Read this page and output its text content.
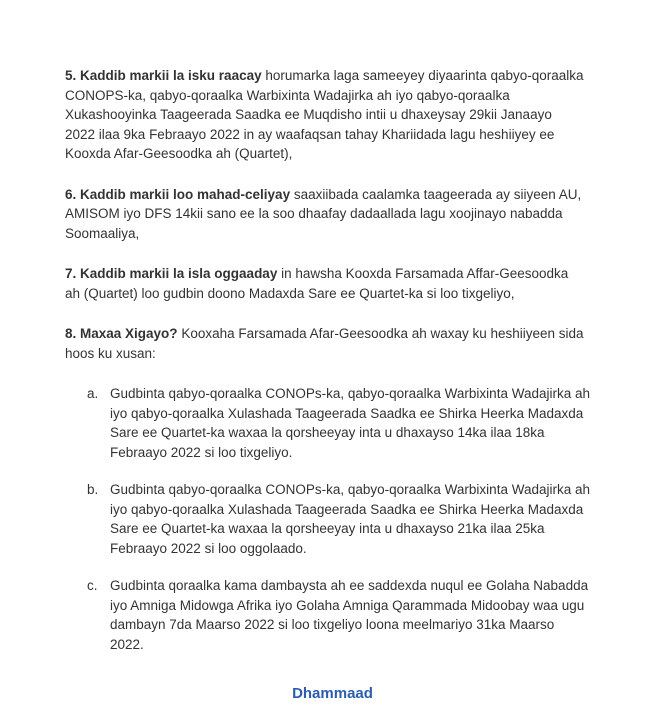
5. Kaddib markii la isku raacay horumarka laga sameeyey diyaarinta qabyo-qoraalka CONOPS-ka, qabyo-qoraalka Warbixinta Wadajirka ah iyo qabyo-qoraalka Xukashooyinka Taageerada Saadka ee Muqdisho intii u dhaxeysay 29kii Janaayo 2022 ilaa 9ka Febraayo 2022 in ay waafaqsan tahay Khariidada lagu heshiiyey ee Kooxda Afar-Geesoodka ah (Quartet),

6. Kaddib markii loo mahad-celiyay saaxiibada caalamka taageerada ay siiyeen AU, AMISOM iyo DFS 14kii sano ee la soo dhaafay dadaallada lagu xoojinayo nabadda Soomaaliya,

7. Kaddib markii la isla oggaaday in hawsha Kooxda Farsamada Affar-Geesoodka ah (Quartet) loo gudbin doono Madaxda Sare ee Quartet-ka si loo tixgeliyo,

8. Maxaa Xigayo? Kooxaha Farsamada Afar-Geesoodka ah waxay ku heshiiyeen sida hoos ku xusan:

a. Gudbinta qabyo-qoraalka CONOPs-ka, qabyo-qoraalka Warbixinta Wadajirka ah iyo qabyo-qoraalka Xulashada Taageerada Saadka ee Shirka Heerka Madaxda Sare ee Quartet-ka waxaa la qorsheeyay inta u dhaxayso 14ka ilaa 18ka Febraayo 2022 si loo tixgeliyo.
b. Gudbinta qabyo-qoraalka CONOPs-ka, qabyo-qoraalka Warbixinta Wadajirka ah iyo qabyo-qoraalka Xulashada Taageerada Saadka ee Shirka Heerka Madaxda Sare ee Quartet-ka waxaa la qorsheeyay inta u dhaxayso 21ka ilaa 25ka Febraayo 2022 si loo oggolaado.
c. Gudbinta qoraalka kama dambaysta ah ee saddexda nuqul ee Golaha Nabadda iyo Amniga Midowga Afrika iyo Golaha Amniga Qarammada Midoobay waa ugu dambayn 7da Maarso 2022 si loo tixgeliyo loona meelmariyo 31ka Maarso 2022.
Dhammaad
